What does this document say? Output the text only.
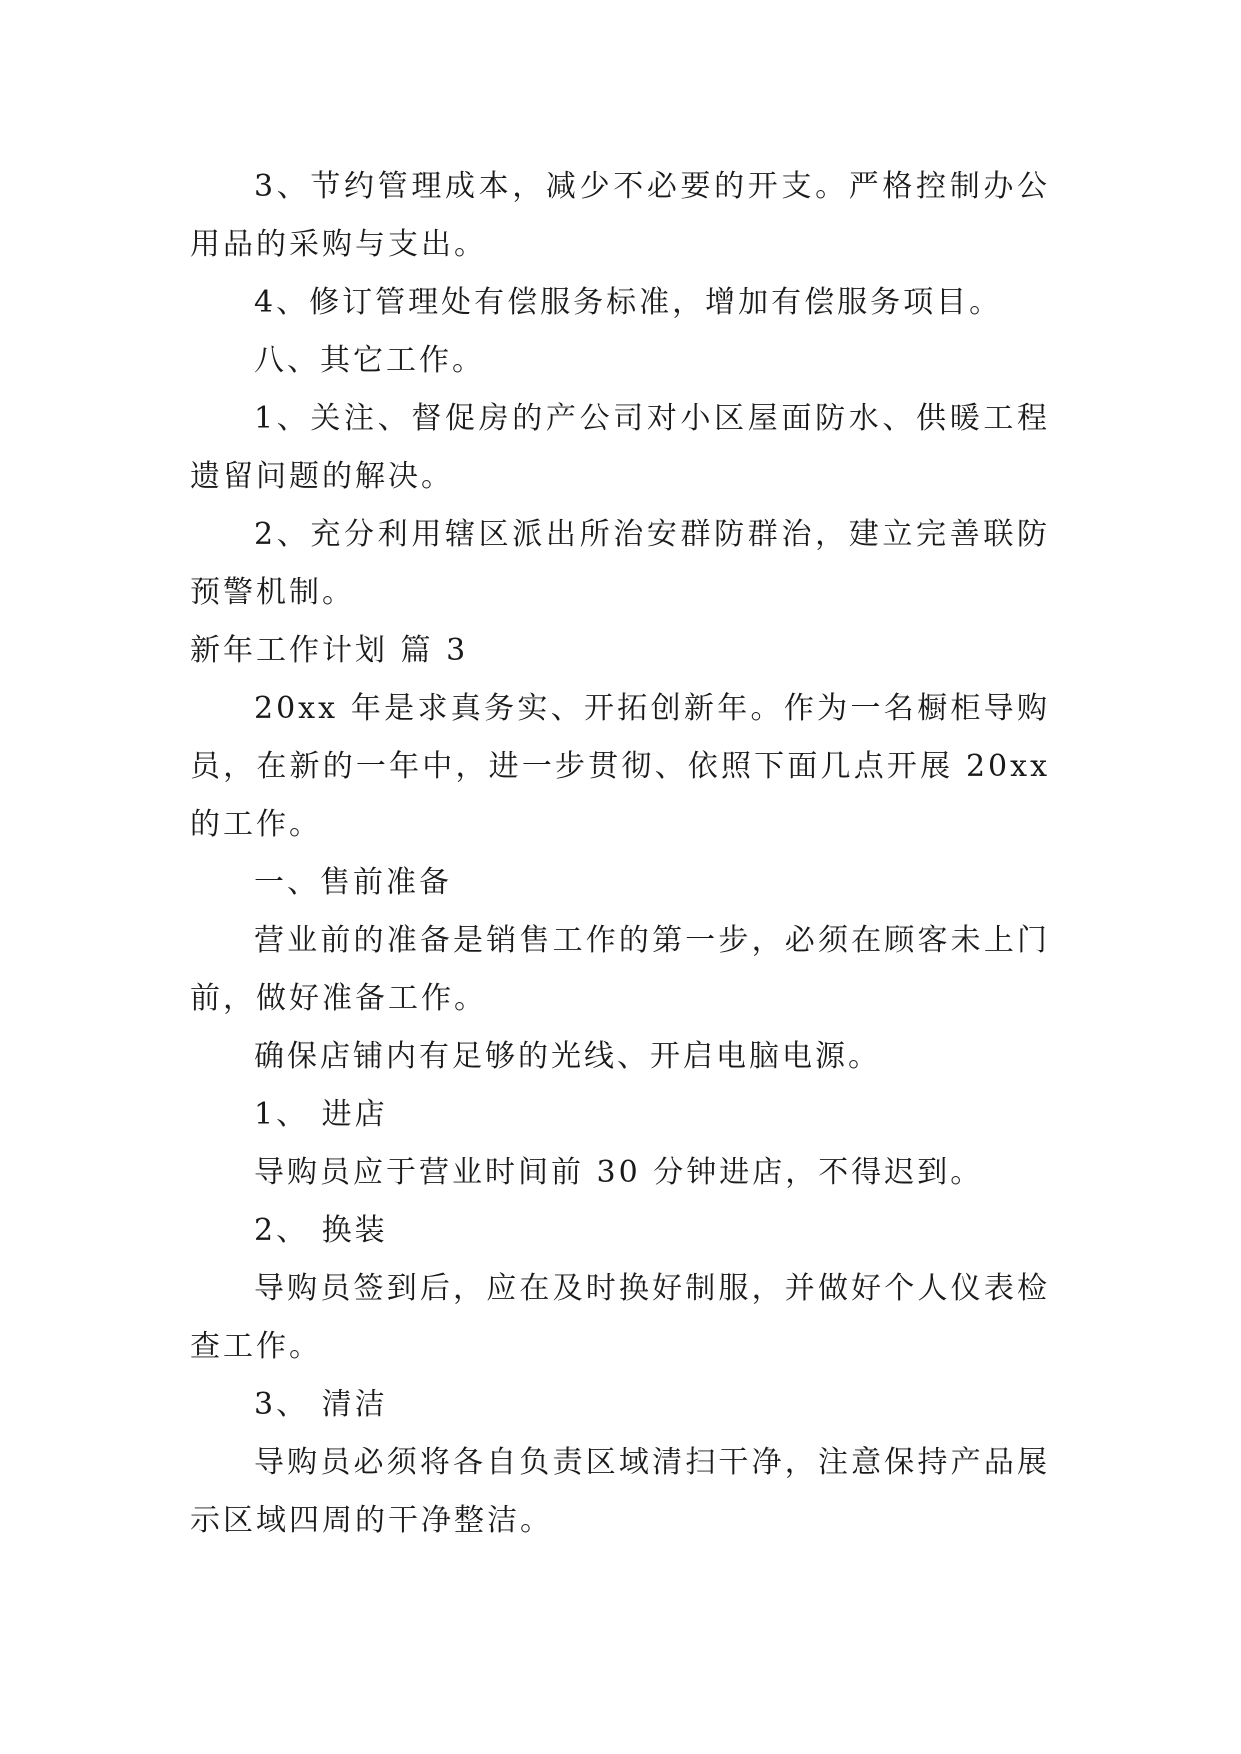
3、节约管理成本，减少不必要的开支。严格控制办公用品的采购与支出。

4、修订管理处有偿服务标准，增加有偿服务项目。

八、其它工作。

1、关注、督促房的产公司对小区屋面防水、供暖工程遗留问题的解决。

2、充分利用辖区派出所治安群防群治，建立完善联防预警机制。

新年工作计划 篇 3

20xx 年是求真务实、开拓创新年。作为一名橱柜导购员，在新的一年中，进一步贯彻、依照下面几点开展 20xx 的工作。

一、售前准备

营业前的准备是销售工作的第一步，必须在顾客未上门前，做好准备工作。

确保店铺内有足够的光线、开启电脑电源。

1、 进店

导购员应于营业时间前 30 分钟进店，不得迟到。

2、 换装

导购员签到后，应在及时换好制服，并做好个人仪表检查工作。

3、 清洁

导购员必须将各自负责区域清扫干净，注意保持产品展示区域四周的干净整洁。
